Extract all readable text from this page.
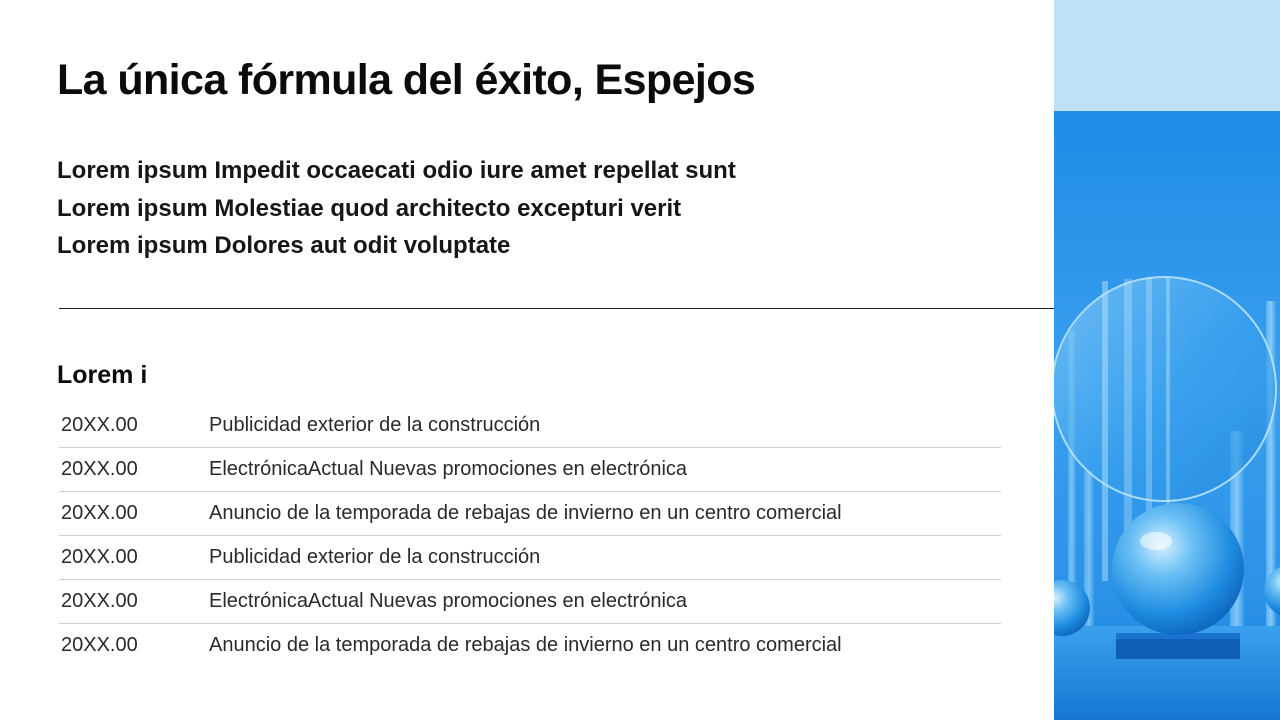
La única fórmula del éxito, Espejos
Lorem ipsum Impedit occaecati odio iure amet repellat sunt
Lorem ipsum Molestiae quod architecto excepturi verit
Lorem ipsum Dolores aut odit voluptate
Lorem i
20XX.00	Publicidad exterior de la construcción
20XX.00	ElectrónicaActual Nuevas promociones en electrónica
20XX.00	Anuncio de la temporada de rebajas de invierno en un centro comercial
20XX.00	Publicidad exterior de la construcción
20XX.00	ElectrónicaActual Nuevas promociones en electrónica
20XX.00	Anuncio de la temporada de rebajas de invierno en un centro comercial
